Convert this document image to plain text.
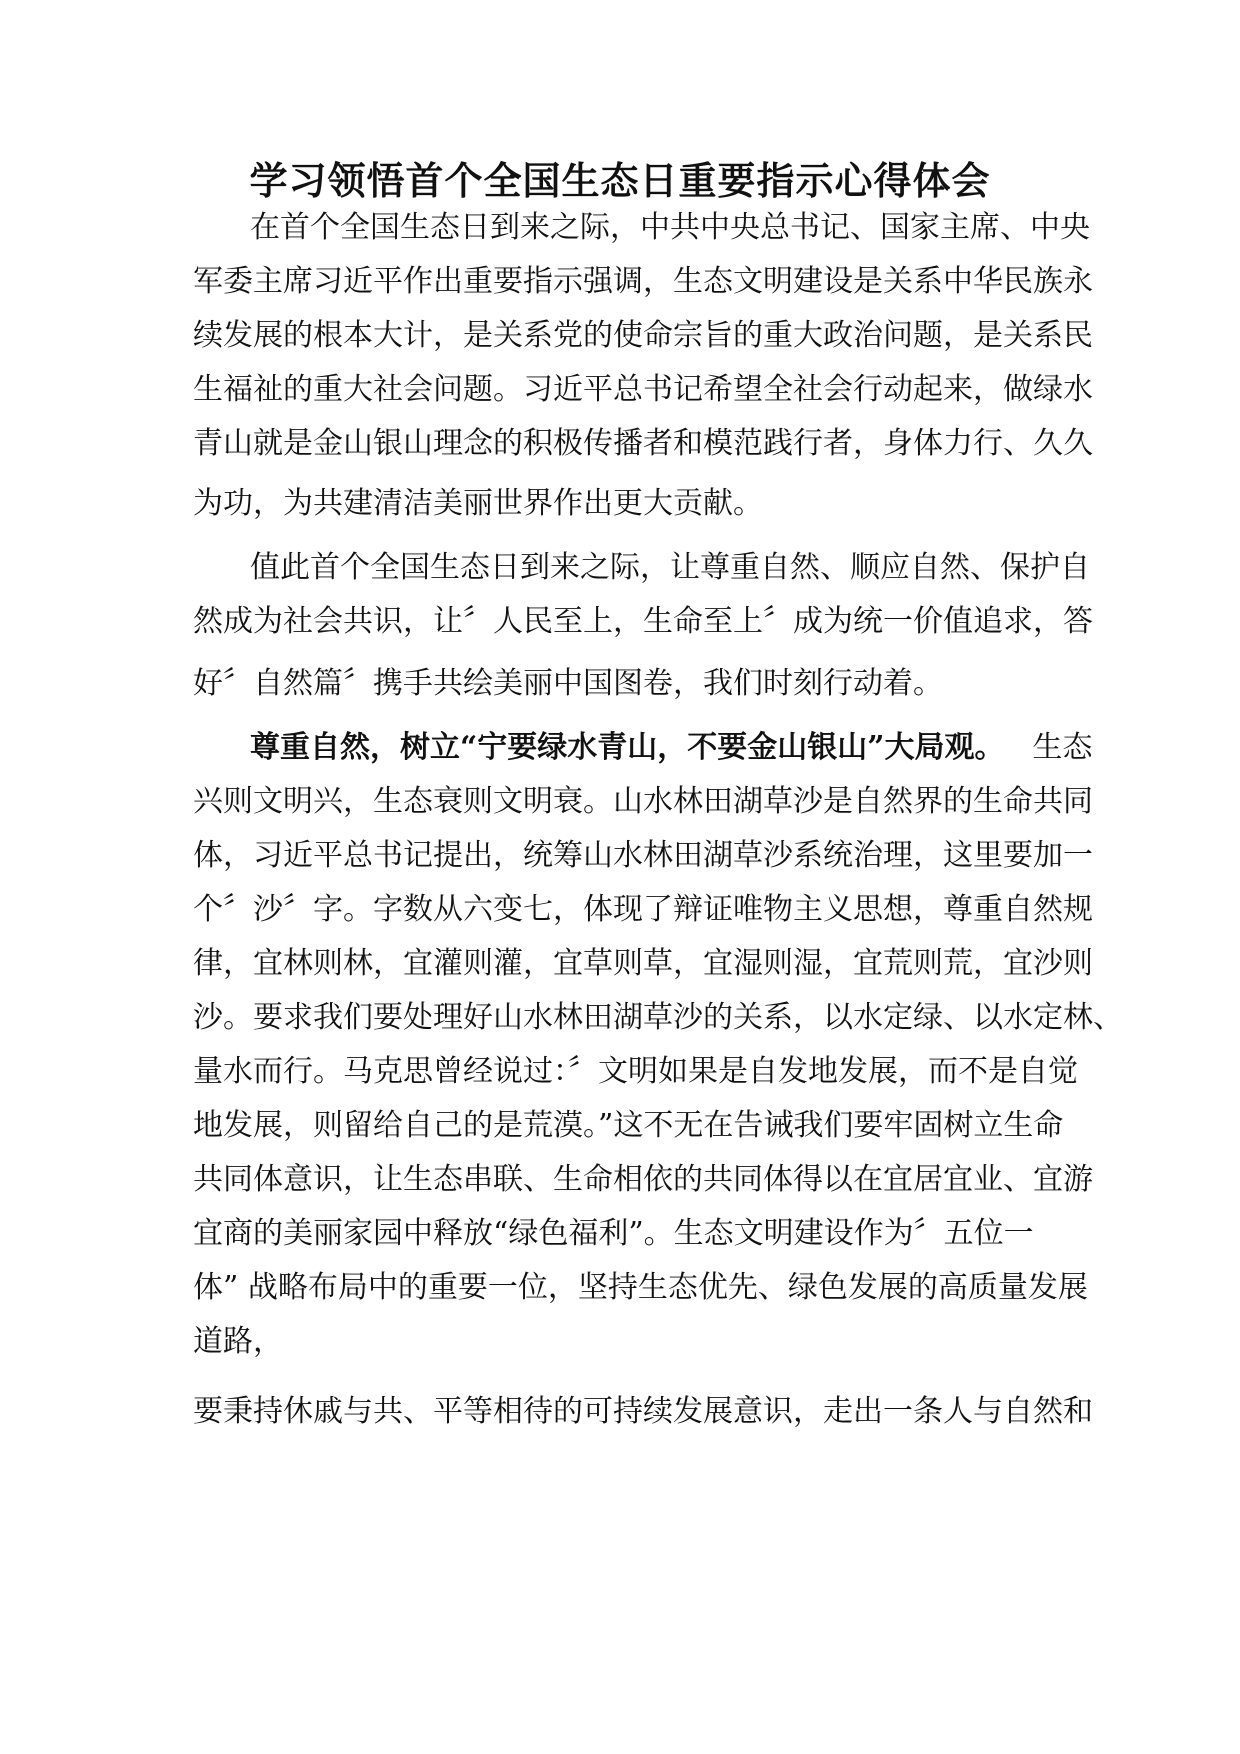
学习领悟首个全国生态日重要指示心得体会

在首个全国生态日到来之际，中共中央总书记、国家主席、中央

军委主席习近平作出重要指示强调，生态文明建设是关系中华民族永

续发展的根本大计，是关系党的使命宗旨的重大政治问题，是关系民

生福祉的重大社会问题。习近平总书记希望全社会行动起来，做绿水

青山就是金山银山理念的积极传播者和模范践行者，身体力行、久久

为功，为共建清洁美丽世界作出更大贡献。

值此首个全国生态日到来之际，让尊重自然、顺应自然、保护自

然成为社会共识，让〞人民至上，生命至上〞成为统一价值追求，答

好〞自然篇〞携手共绘美丽中国图卷，我们时刻行动着。

尊重自然，树立“宁要绿水青山，不要金山银山”大局观。 生态

兴则文明兴，生态衰则文明衰。山水林田湖草沙是自然界的生命共同

体，习近平总书记提出，统筹山水林田湖草沙系统治理，这里要加一

个〞沙〞字。字数从六变七，体现了辩证唯物主义思想，尊重自然规

律，宜林则林，宜灌则灌，宜草则草，宜湿则湿，宜荒则荒，宜沙则

沙。要求我们要处理好山水林田湖草沙的关系，以水定绿、以水定林、

量水而行。马克思曾经说过：〞文明如果是自发地发展，而不是自觉

地发展，则留给自己的是荒漠。”这不无在告诫我们要牢固树立生命

共同体意识，让生态串联、生命相依的共同体得以在宜居宜业、宜游

宜商的美丽家园中释放“绿色福利”。生态文明建设作为〞五位一

体” 战略布局中的重要一位，坚持生态优先、绿色发展的高质量发展

道路，

要秉持休戚与共、平等相待的可持续发展意识，走出一条人与自然和
